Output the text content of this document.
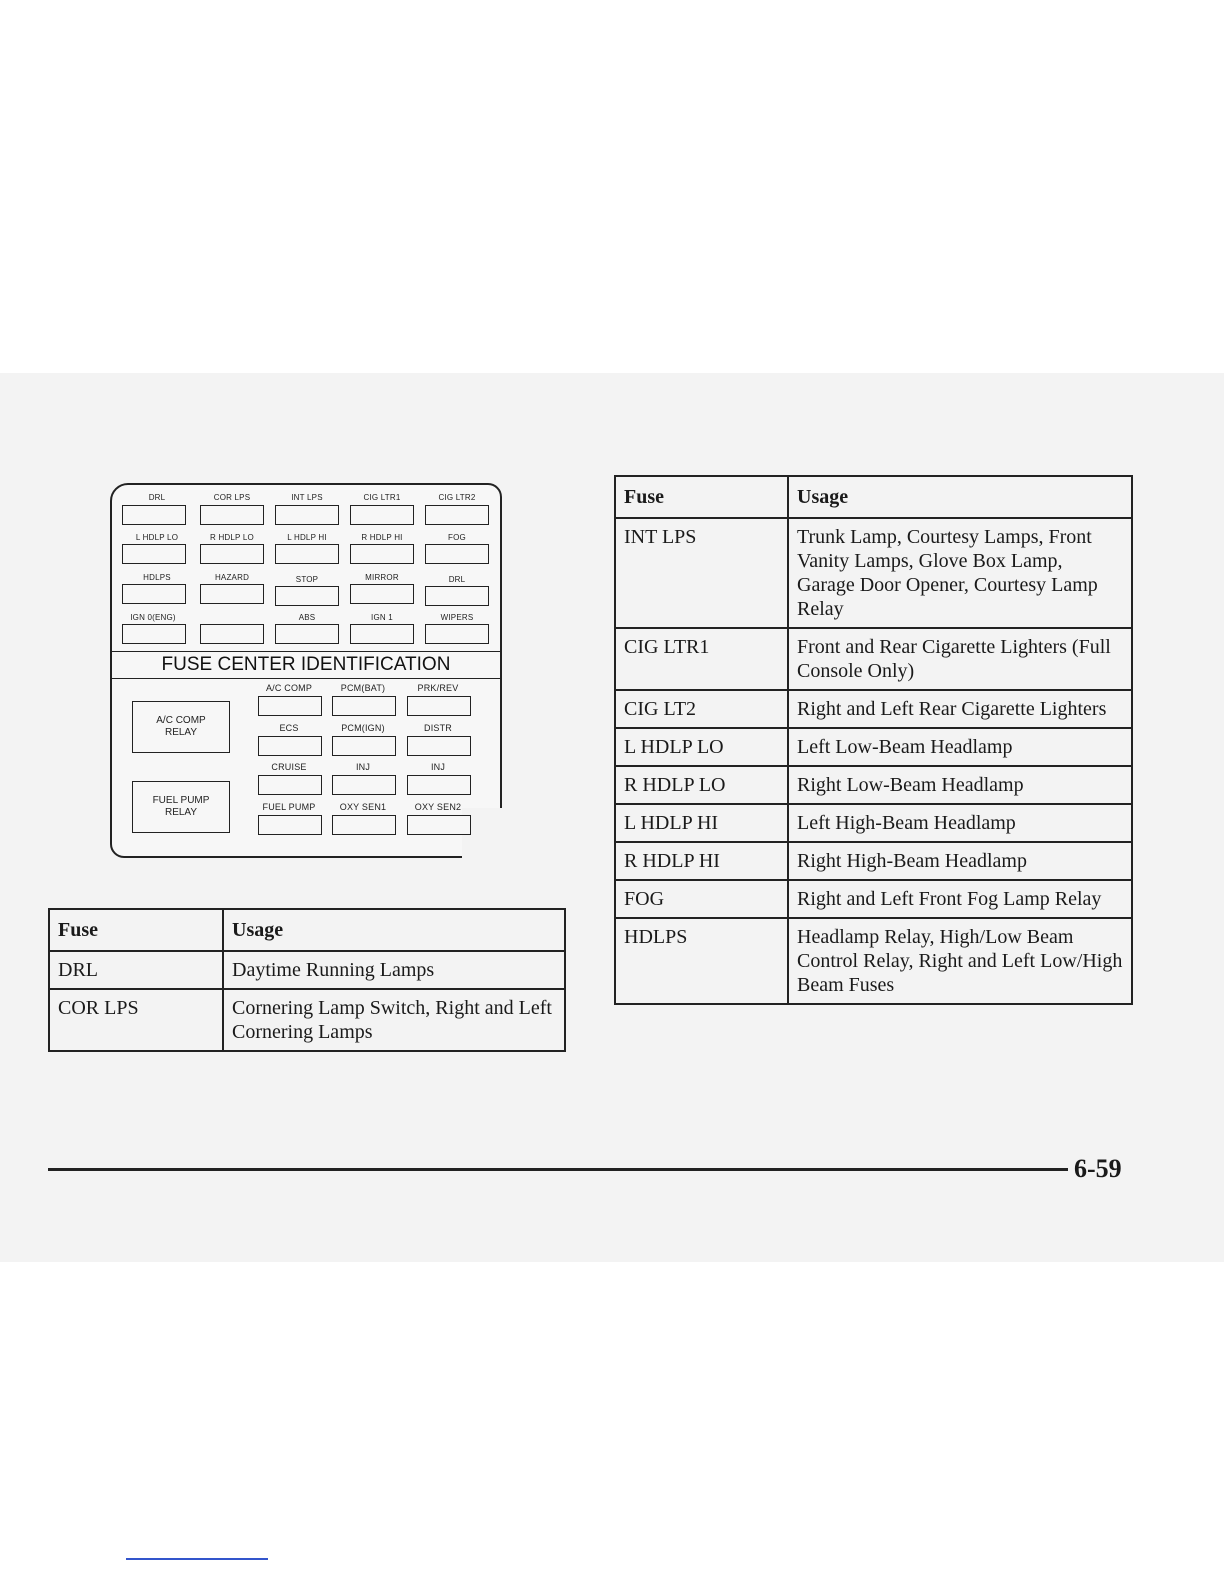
DRL	COR LPS	INT LPS	CIG LTR1	CIG LTR2
L HDLP LO	R HDLP LO	L HDLP HI	R HDLP HI	FOG
HDLPS	HAZARD	STOP	MIRROR	DRL
IGN 0(ENG)	ABS	IGN 1	WIPERS
FUSE CENTER IDENTIFICATION
A/C COMP
RELAY
FUEL PUMP
RELAY
A/C COMP	PCM(BAT)	PRK/REV
ECS	PCM(IGN)	DISTR
CRUISE	INJ	INJ
FUEL PUMP	OXY SEN1	OXY SEN2
Fuse	Usage
DRL	Daytime Running Lamps
COR LPS	Cornering Lamp Switch, Right and Left Cornering Lamps
Fuse	Usage
INT LPS	Trunk Lamp, Courtesy Lamps, Front Vanity Lamps, Glove Box Lamp, Garage Door Opener, Courtesy Lamp Relay
CIG LTR1	Front and Rear Cigarette Lighters (Full Console Only)
CIG LT2	Right and Left Rear Cigarette Lighters
L HDLP LO	Left Low-Beam Headlamp
R HDLP LO	Right Low-Beam Headlamp
L HDLP HI	Left High-Beam Headlamp
R HDLP HI	Right High-Beam Headlamp
FOG	Right and Left Front Fog Lamp Relay
HDLPS	Headlamp Relay, High/Low Beam Control Relay, Right and Left Low/High Beam Fuses
6-59
